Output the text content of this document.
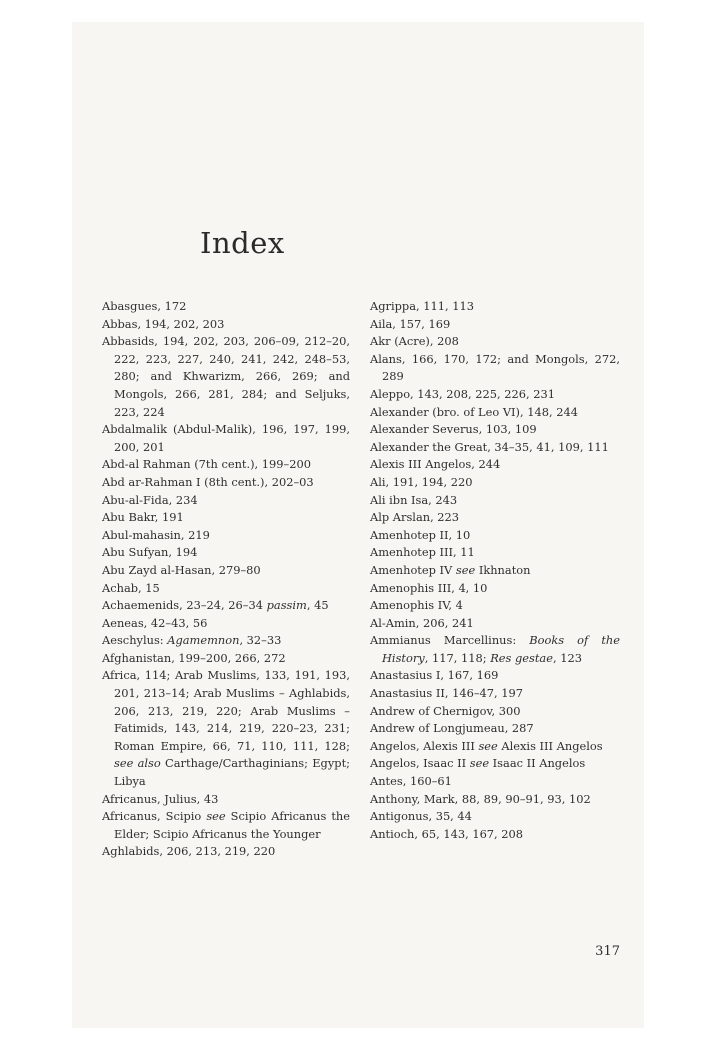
Index
Abasgues, 172
Abbas, 194, 202, 203
Abbasids, 194, 202, 203, 206–09, 212–20, 222, 223, 227, 240, 241, 242, 248–53, 280; and Khwarizm, 266, 269; and Mongols, 266, 281, 284; and Seljuks, 223, 224
Abdalmalik (Abdul-Malik), 196, 197, 199, 200, 201
Abd-al Rahman (7th cent.), 199–200
Abd ar-Rahman I (8th cent.), 202–03
Abu-al-Fida, 234
Abu Bakr, 191
Abul-mahasin, 219
Abu Sufyan, 194
Abu Zayd al-Hasan, 279–80
Achab, 15
Achaemenids, 23–24, 26–34 passim, 45
Aeneas, 42–43, 56
Aeschylus: Agamemnon, 32–33
Afghanistan, 199–200, 266, 272
Africa, 114; Arab Muslims, 133, 191, 193, 201, 213–14; Arab Muslims – Aghlabids, 206, 213, 219, 220; Arab Muslims – Fatimids, 143, 214, 219, 220–23, 231; Roman Empire, 66, 71, 110, 111, 128; see also Carthage/Carthaginians; Egypt; Libya
Africanus, Julius, 43
Africanus, Scipio see Scipio Africanus the Elder; Scipio Africanus the Younger
Aghlabids, 206, 213, 219, 220
Agrippa, 111, 113
Aila, 157, 169
Akr (Acre), 208
Alans, 166, 170, 172; and Mongols, 272, 289
Aleppo, 143, 208, 225, 226, 231
Alexander (bro. of Leo VI), 148, 244
Alexander Severus, 103, 109
Alexander the Great, 34–35, 41, 109, 111
Alexis III Angelos, 244
Ali, 191, 194, 220
Ali ibn Isa, 243
Alp Arslan, 223
Amenhotep II, 10
Amenhotep III, 11
Amenhotep IV see Ikhnaton
Amenophis III, 4, 10
Amenophis IV, 4
Al-Amin, 206, 241
Ammianus Marcellinus: Books of the History, 117, 118; Res gestae, 123
Anastasius I, 167, 169
Anastasius II, 146–47, 197
Andrew of Chernigov, 300
Andrew of Longjumeau, 287
Angelos, Alexis III see Alexis III Angelos
Angelos, Isaac II see Isaac II Angelos
Antes, 160–61
Anthony, Mark, 88, 89, 90–91, 93, 102
Antigonus, 35, 44
Antioch, 65, 143, 167, 208
317
